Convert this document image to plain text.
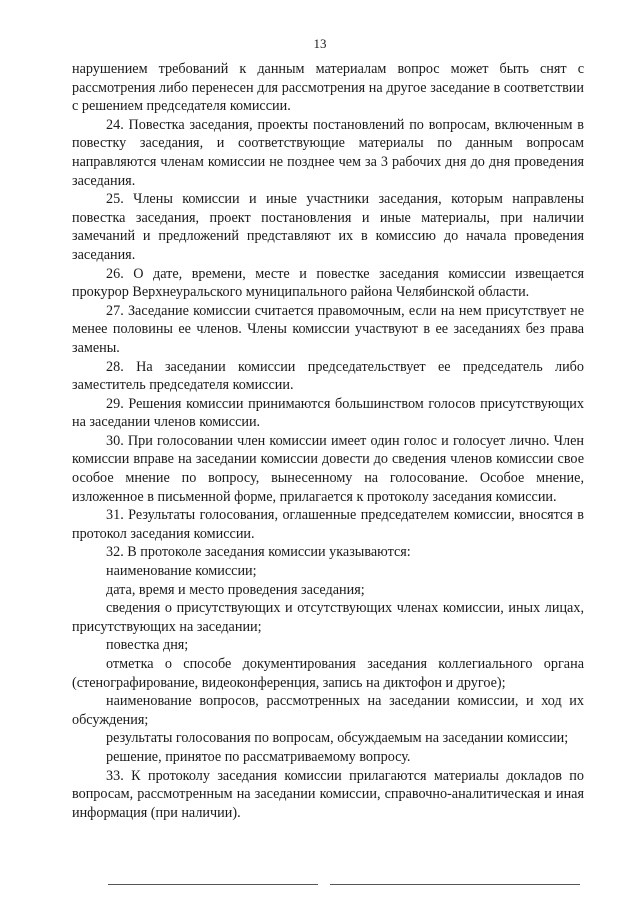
13

нарушением требований к данным материалам вопрос может быть снят с рассмотрения либо перенесен для рассмотрения на другое заседание в соответствии с решением председателя комиссии.

24. Повестка заседания, проекты постановлений по вопросам, включенным в повестку заседания, и соответствующие материалы по данным вопросам направляются членам комиссии не позднее чем за 3 рабочих дня до дня проведения заседания.

25. Члены комиссии и иные участники заседания, которым направлены повестка заседания, проект постановления и иные материалы, при наличии замечаний и предложений представляют их в комиссию до начала проведения заседания.

26. О дате, времени, месте и повестке заседания комиссии извещается прокурор Верхнеуральского муниципального района Челябинской области.

27. Заседание комиссии считается правомочным, если на нем присутствует не менее половины ее членов. Члены комиссии участвуют в ее заседаниях без права замены.

28. На заседании комиссии председательствует ее председатель либо заместитель председателя комиссии.

29. Решения комиссии принимаются большинством голосов присутствующих на заседании членов комиссии.

30. При голосовании член комиссии имеет один голос и голосует лично. Член комиссии вправе на заседании комиссии довести до сведения членов комиссии свое особое мнение по вопросу, вынесенному на голосование. Особое мнение, изложенное в письменной форме, прилагается к протоколу заседания комиссии.

31. Результаты голосования, оглашенные председателем комиссии, вносятся в протокол заседания комиссии.

32. В протоколе заседания комиссии указываются:

наименование комиссии;

дата, время и место проведения заседания;

сведения о присутствующих и отсутствующих членах комиссии, иных лицах, присутствующих на заседании;

повестка дня;

отметка о способе документирования заседания коллегиального органа (стенографирование, видеоконференция, запись на диктофон и другое);

наименование вопросов, рассмотренных на заседании комиссии, и ход их обсуждения;

результаты голосования по вопросам, обсуждаемым на заседании комиссии;

решение, принятое по рассматриваемому вопросу.

33. К протоколу заседания комиссии прилагаются материалы докладов по вопросам, рассмотренным на заседании комиссии, справочно-аналитическая и иная информация (при наличии).
